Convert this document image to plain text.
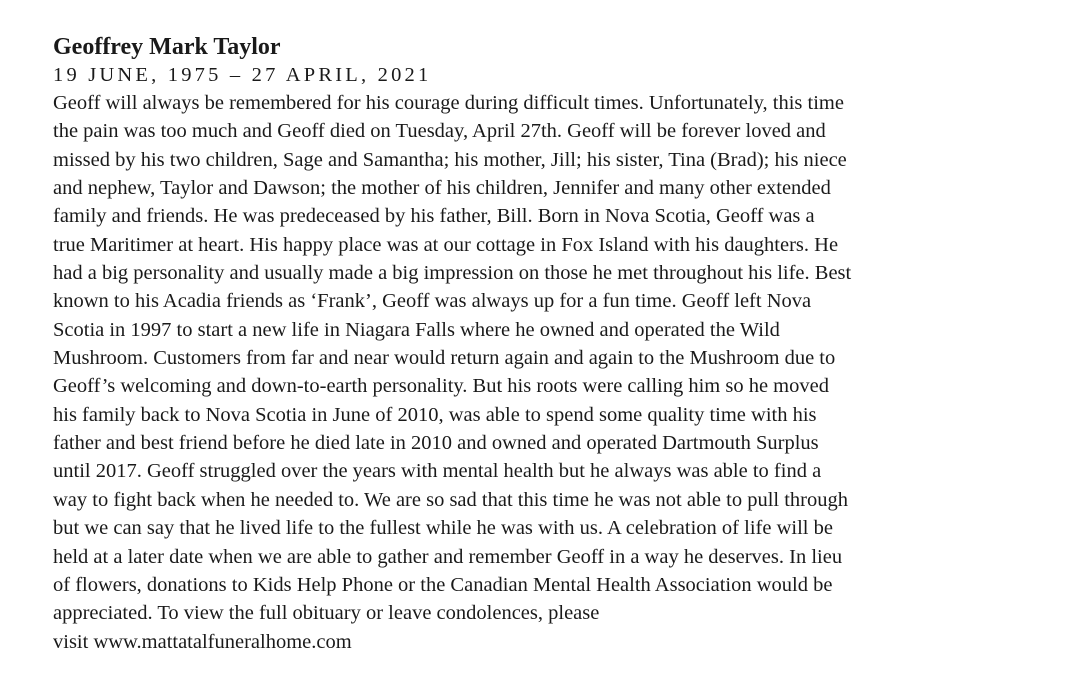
Geoffrey Mark Taylor
19 JUNE, 1975 – 27 APRIL, 2021
Geoff will always be remembered for his courage during difficult times. Unfortunately, this time
the pain was too much and Geoff died on Tuesday, April 27th. Geoff will be forever loved and
missed by his two children, Sage and Samantha; his mother, Jill; his sister, Tina (Brad); his niece
and nephew, Taylor and Dawson; the mother of his children, Jennifer and many other extended
family and friends. He was predeceased by his father, Bill. Born in Nova Scotia, Geoff was a
true Maritimer at heart. His happy place was at our cottage in Fox Island with his daughters. He
had a big personality and usually made a big impression on those he met throughout his life. Best
known to his Acadia friends as ‘Frank’, Geoff was always up for a fun time. Geoff left Nova
Scotia in 1997 to start a new life in Niagara Falls where he owned and operated the Wild
Mushroom. Customers from far and near would return again and again to the Mushroom due to
Geoff’s welcoming and down-to-earth personality. But his roots were calling him so he moved
his family back to Nova Scotia in June of 2010, was able to spend some quality time with his
father and best friend before he died late in 2010 and owned and operated Dartmouth Surplus
until 2017. Geoff struggled over the years with mental health but he always was able to find a
way to fight back when he needed to. We are so sad that this time he was not able to pull through
but we can say that he lived life to the fullest while he was with us. A celebration of life will be
held at a later date when we are able to gather and remember Geoff in a way he deserves. In lieu
of flowers, donations to Kids Help Phone or the Canadian Mental Health Association would be
appreciated. To view the full obituary or leave condolences, please
visit www.mattatalfuneralhome.com
